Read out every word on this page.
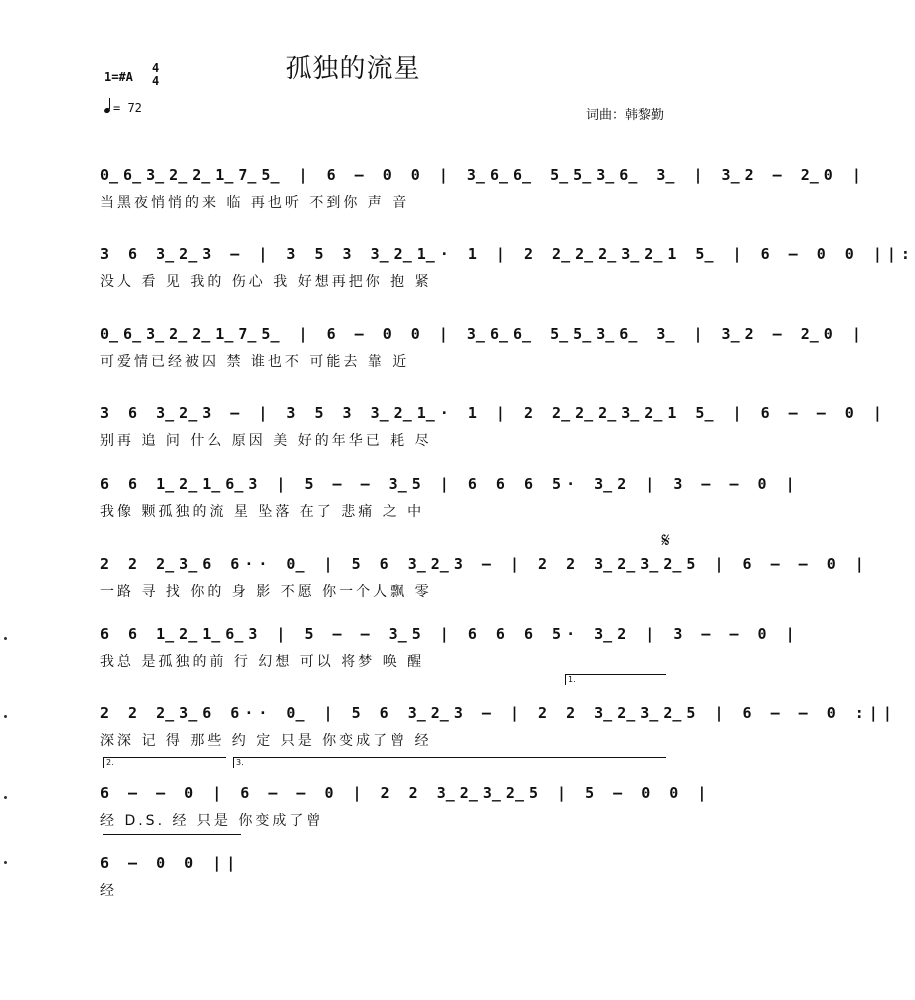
孤独的流星
1=#A
4
4
= 72	词曲：韩黎勤
0̲6̲3̲2̲2̲1̲7̲5̲ | 6 – 0 0 | 3̲6̲6̲ 5̲5̲3̲6̲ 3̲ | 3̲2 – 2̲0 |
当黑夜悄悄的来 临 再也听 不到你 声 音
3 6 3̲2̲3 – | 3 5 3 3̲2̲1̲· 1 | 2 2̲2̲2̲3̲2̲1 5̲ | 6 – 0 0 ||:
没人 看 见 我的 伤心 我 好想再把你 抱 紧
0̲6̲3̲2̲2̲1̲7̲5̲ | 6 – 0 0 | 3̲6̲6̲ 5̲5̲3̲6̲ 3̲ | 3̲2 – 2̲0 |
可爱情已经被囚 禁 谁也不 可能去 靠 近
3 6 3̲2̲3 – | 3 5 3 3̲2̲1̲· 1 | 2 2̲2̲2̲3̲2̲1 5̲ | 6 – – 0 |
别再 追 问 什么 原因 美 好的年华已 耗 尽
6 6 1̲2̲1̲6̲3 | 5 – – 3̲5 | 6 6 6 5· 3̲2 | 3 – – 0 |
我像 颗孤独的流 星 坠落 在了 悲痛 之 中
2 2 2̲3̲6 6·· 0̲ | 5 6 3̲2̲3 – | 2 2 3̲2̲3̲2̲5 | 6 – – 0 |
一路 寻 找 你的 身 影 不愿 你一个人飘 零
6 6 1̲2̲1̲6̲3 | 5 – – 3̲5 | 6 6 6 5· 3̲2 | 3 – – 0 |
我总 是孤独的前 行 幻想 可以 将梦 唤 醒
2 2 2̲3̲6 6·· 0̲ | 5 6 3̲2̲3 – | 2 2 3̲2̲3̲2̲5 | 6 – – 0 :||
深深 记 得 那些 约 定 只是 你变成了曾 经
6 – – 0 | 6 – – 0 | 2 2 3̲2̲3̲2̲5 | 5 – 0 0 |
经 D.S. 经 只是 你变成了曾
6 – 0 0 ||
经
1.
2.	3.
𝄋
